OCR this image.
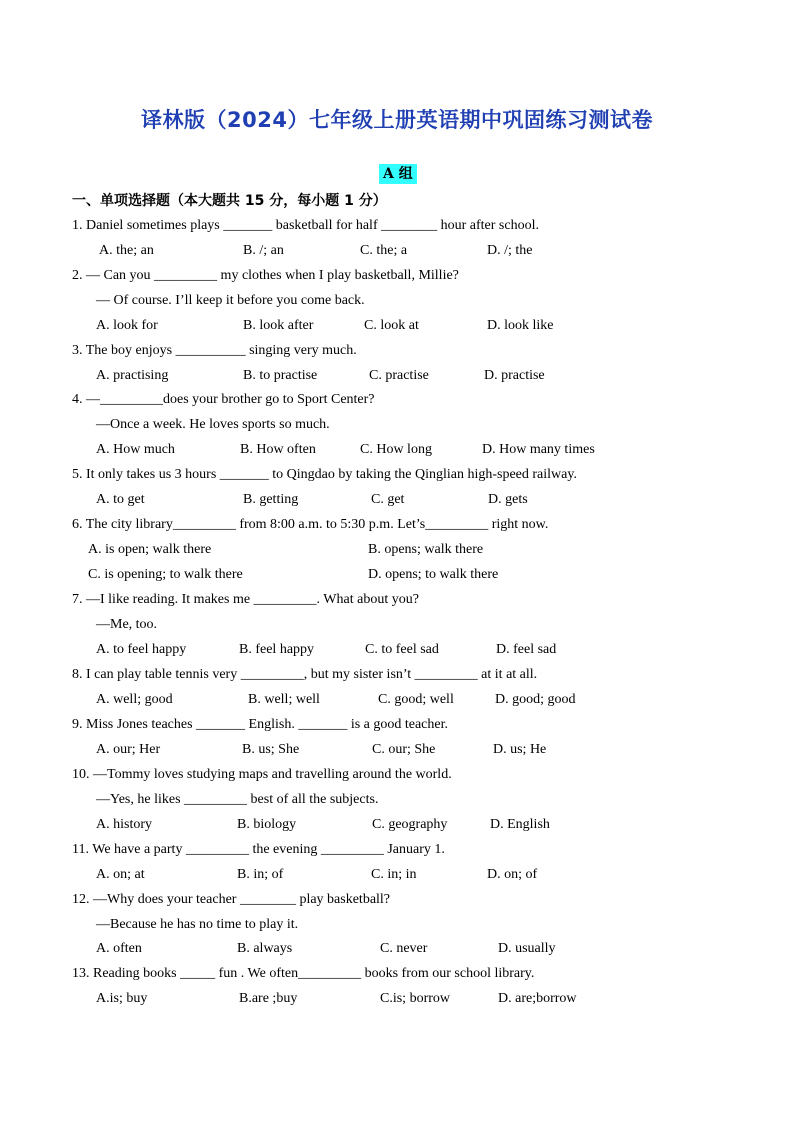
译林版（2024）七年级上册英语期中巩固练习测试卷
A 组
一、单项选择题（本大题共 15 分，每小题 1 分）
1. Daniel sometimes plays _______ basketball for half ________ hour after school.
A. the; an	B. /; an	C. the; a	D. /; the
2. — Can you _________ my clothes when I play basketball, Millie?
— Of course. I’ll keep it before you come back.
A. look for	B. look after	C. look at	D. look like
3. The boy enjoys __________ singing very much.
A. practising	B. to practise	C. practise	D. practise
4. —_________does your brother go to Sport Center?
—Once a week. He loves sports so much.
A. How much	B. How often	C. How long	D. How many times
5. It only takes us 3 hours _______ to Qingdao by taking the Qinglian high-speed railway.
A. to get	B. getting	C. get	D. gets
6. The city library_________ from 8:00 a.m. to 5:30 p.m. Let’s_________ right now.
A. is open; walk there	B. opens; walk there
C. is opening; to walk there	D. opens; to walk there
7. —I like reading. It makes me _________. What about you?
—Me, too.
A. to feel happy	B. feel happy	C. to feel sad	D. feel sad
8. I can play table tennis very _________, but my sister isn’t _________ at it at all.
A. well; good	B. well; well	C. good; well	D. good; good
9. Miss Jones teaches _______ English. _______ is a good teacher.
A. our; Her	B. us; She	C. our; She	D. us; He
10. —Tommy loves studying maps and travelling around the world.
—Yes, he likes _________ best of all the subjects.
A. history	B. biology	C. geography	D. English
11. We have a party _________ the evening _________ January 1.
A. on; at	B. in; of	C. in; in	D. on; of
12. —Why does your teacher ________ play basketball?
—Because he has no time to play it.
A. often	B. always	C. never	D. usually
13. Reading books _____ fun . We often_________ books from our school library.
A.is; buy	B.are ;buy	C.is; borrow	D. are;borrow
